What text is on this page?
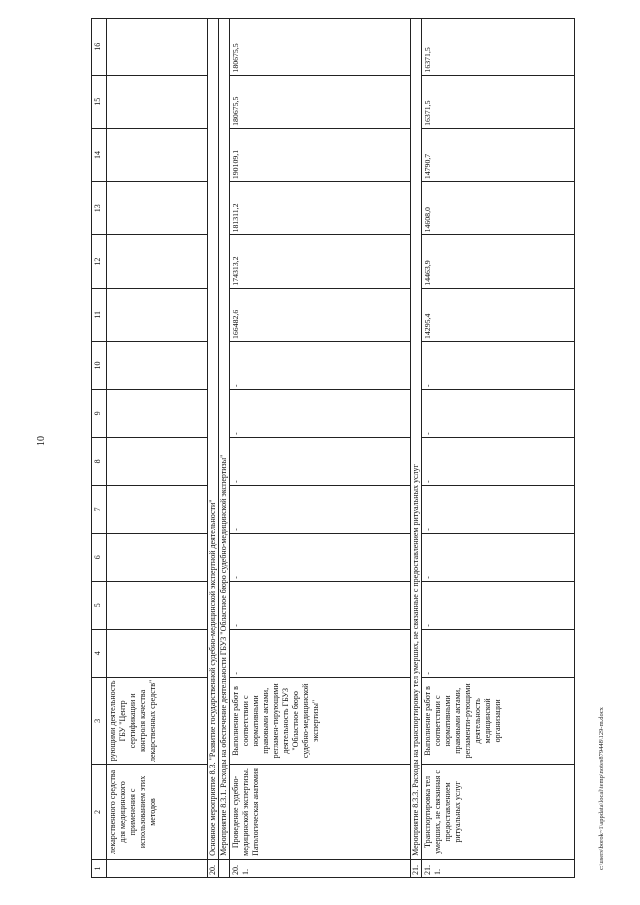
10
1	2	3	4	5	6	7	8	9	10	11	12	13	14	15	16
	лекарственного средства для медицинского применения с использованием этих методов	рующими деятельность ГБУ "Центр сертификации и контроля качества лекарственных средств"													
20.	Основное мероприятие 8.3. "Развитие государственной судебно-медицинской экспертной деятельности"														
	Мероприятие 8.3.1. Расходы на обеспечение деятельности ГБУЗ "Областное бюро судебно-медицинской экспертизы"														
20.1.	Проведение судебно-медицинской экспертизы. Патологическая анатомия	Выполнение работ в соответствии с нормативными правовыми актами, регламен-тирующими деятельность ГБУЗ "Областное бюро судебно-медицинской экспертизы"	-	-	-	-	-	-	-	166482,6	174313,2	181311,2	190109,1	180675,5	180675,5
21.	Мероприятие 8.3.3. Расходы на транспортировку тел умерших, не связанные с предоставлением ритуальных услуг														
21.1.	Транспортировка тел умерших, не связанная с предоставлением ритуальных услуг	Выполнение работ в соответствии с нормативными правовыми актами, регламенти-рующими деятельность медицинской организации	-	-	-	-	-	-	-	14295,4	14463,9	14608,0	14790,7	16371,5	16371,5
c:\users\borok~1\appdata\local\temp\notes879448\129-m.docx
